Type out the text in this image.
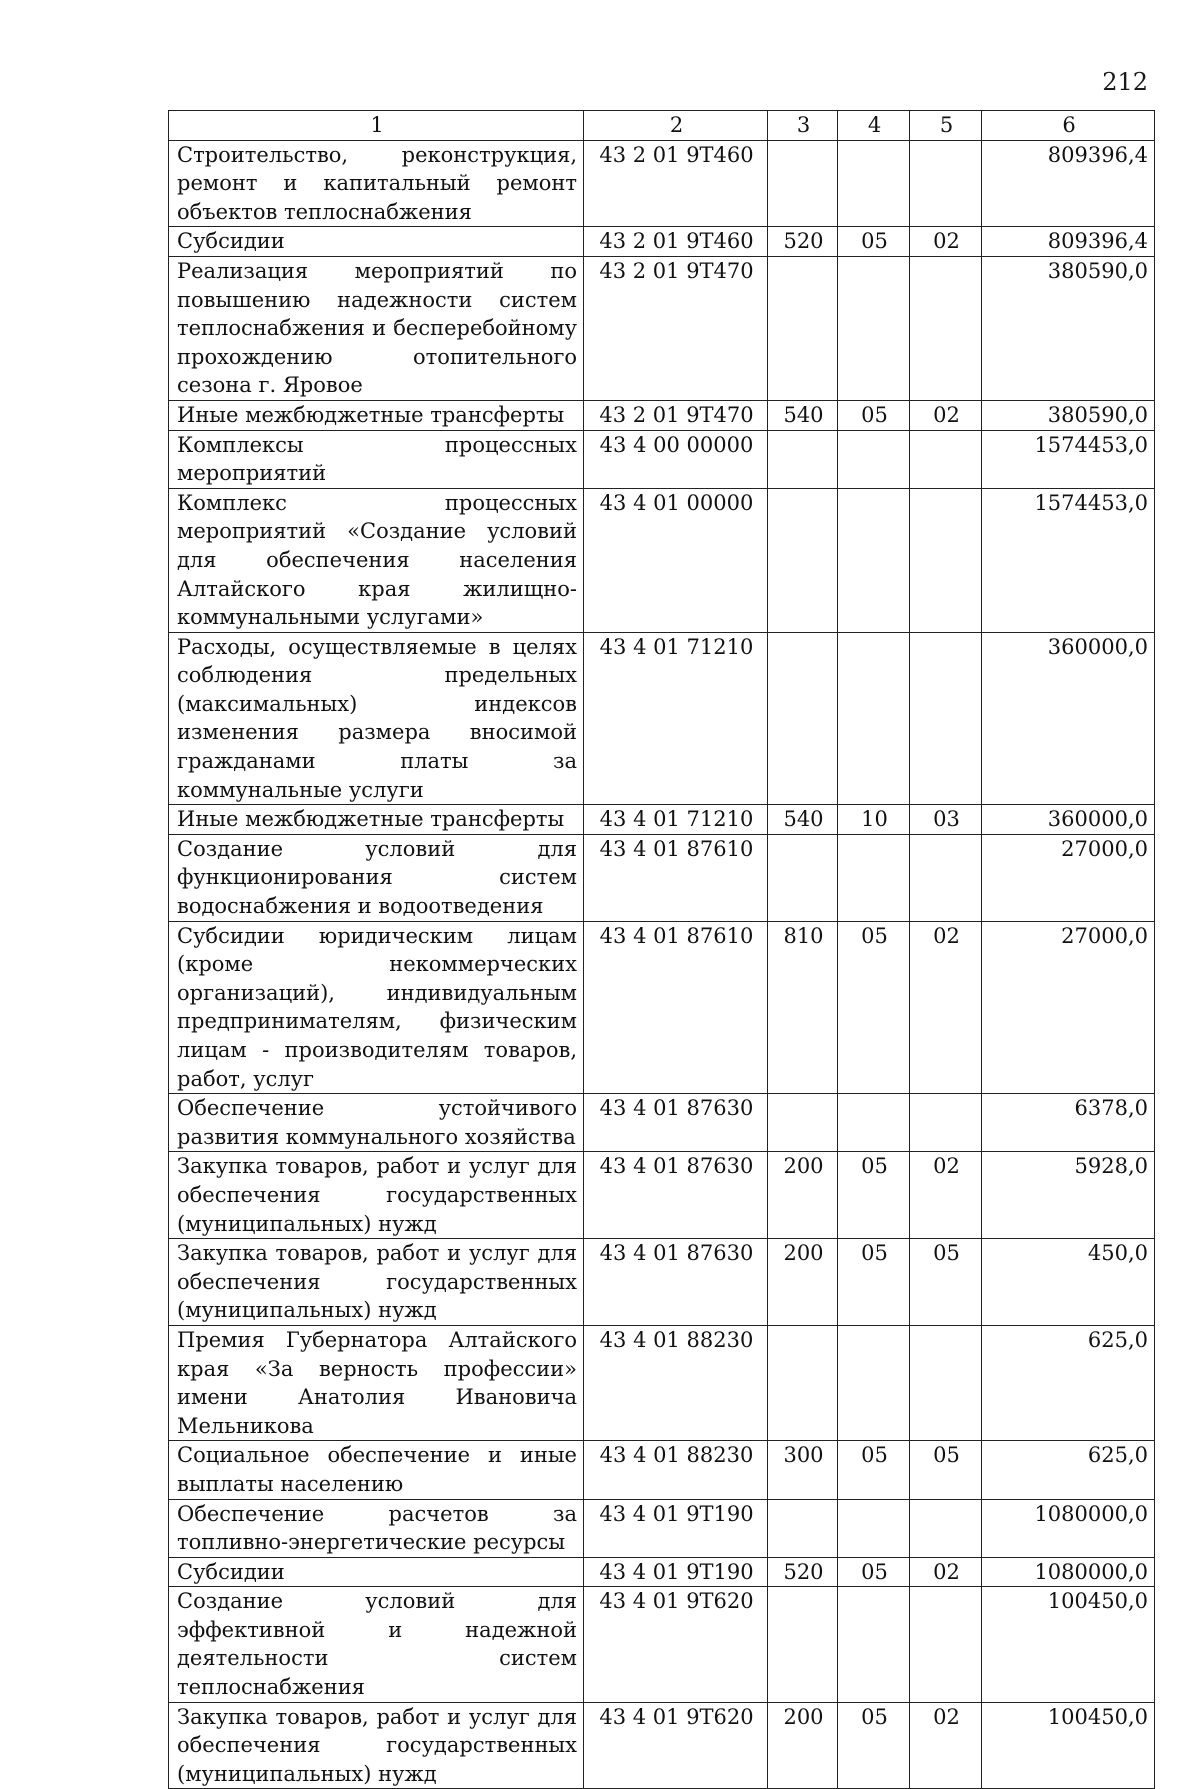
212
1	2	3	4	5	6
Строительство, реконструкция, ремонт и капитальный ремонт объектов теплоснабжения	43 2 01 9Т460				809396,4
Субсидии	43 2 01 9Т460	520	05	02	809396,4
Реализация мероприятий по повышению надежности систем теплоснабжения и бесперебойному прохождению отопительного сезона г. Яровое	43 2 01 9Т470				380590,0
Иные межбюджетные трансферты	43 2 01 9Т470	540	05	02	380590,0
Комплексы процессных мероприятий	43 4 00 00000				1574453,0
Комплекс процессных мероприятий «Создание условий для обеспечения населения Алтайского края жилищно-коммунальными услугами»	43 4 01 00000				1574453,0
Расходы, осуществляемые в целях соблюдения предельных (максимальных) индексов изменения размера вносимой гражданами платы за коммунальные услуги	43 4 01 71210				360000,0
Иные межбюджетные трансферты	43 4 01 71210	540	10	03	360000,0
Создание условий для функционирования систем водоснабжения и водоотведения	43 4 01 87610				27000,0
Субсидии юридическим лицам (кроме некоммерческих организаций), индивидуальным предпринимателям, физическим лицам - производителям товаров, работ, услуг	43 4 01 87610	810	05	02	27000,0
Обеспечение устойчивого развития коммунального хозяйства	43 4 01 87630				6378,0
Закупка товаров, работ и услуг для обеспечения государственных (муниципальных) нужд	43 4 01 87630	200	05	02	5928,0
Закупка товаров, работ и услуг для обеспечения государственных (муниципальных) нужд	43 4 01 87630	200	05	05	450,0
Премия Губернатора Алтайского края «За верность профессии» имени Анатолия Ивановича Мельникова	43 4 01 88230				625,0
Социальное обеспечение и иные выплаты населению	43 4 01 88230	300	05	05	625,0
Обеспечение расчетов за топливно-энергетические ресурсы	43 4 01 9Т190				1080000,0
Субсидии	43 4 01 9Т190	520	05	02	1080000,0
Создание условий для эффективной и надежной деятельности систем теплоснабжения	43 4 01 9Т620				100450,0
Закупка товаров, работ и услуг для обеспечения государственных (муниципальных) нужд	43 4 01 9Т620	200	05	02	100450,0
